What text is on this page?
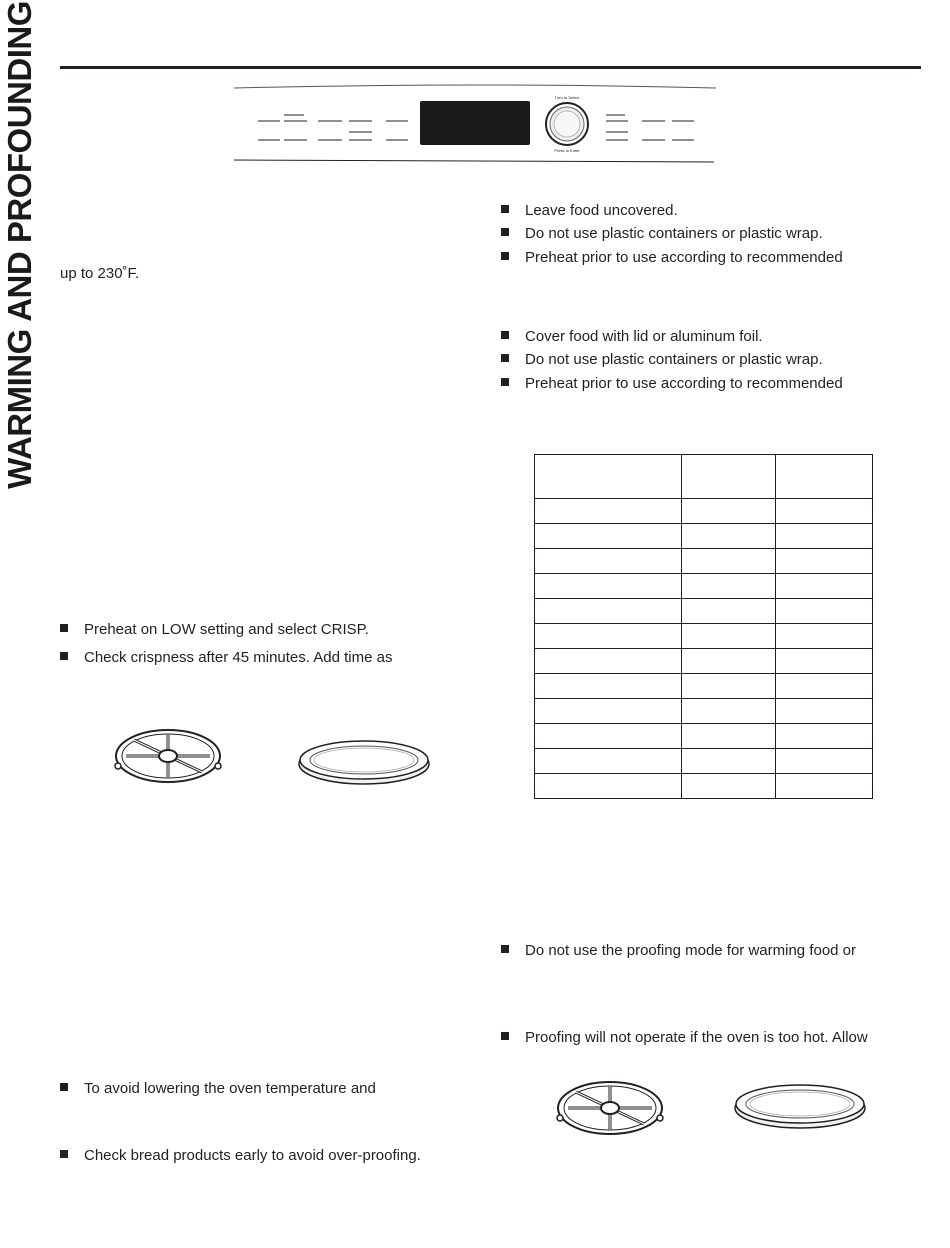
WARMING AND PROFOUNDING	Turn to Select
Press to Enter
up to 230˚F.
Preheat on LOW setting and select CRISP.
Check crispness after 45 minutes. Add time as
To avoid lowering the oven temperature and
Check bread products early to avoid over-proofing.
Leave food uncovered.
Do not use plastic containers or plastic wrap.
Preheat prior to use according to recommended
Cover food with lid or aluminum foil.
Do not use plastic containers or plastic wrap.
Preheat prior to use according to recommended

Do not use the proofing mode for warming food or
Proofing will not operate if the oven is too hot. Allow
